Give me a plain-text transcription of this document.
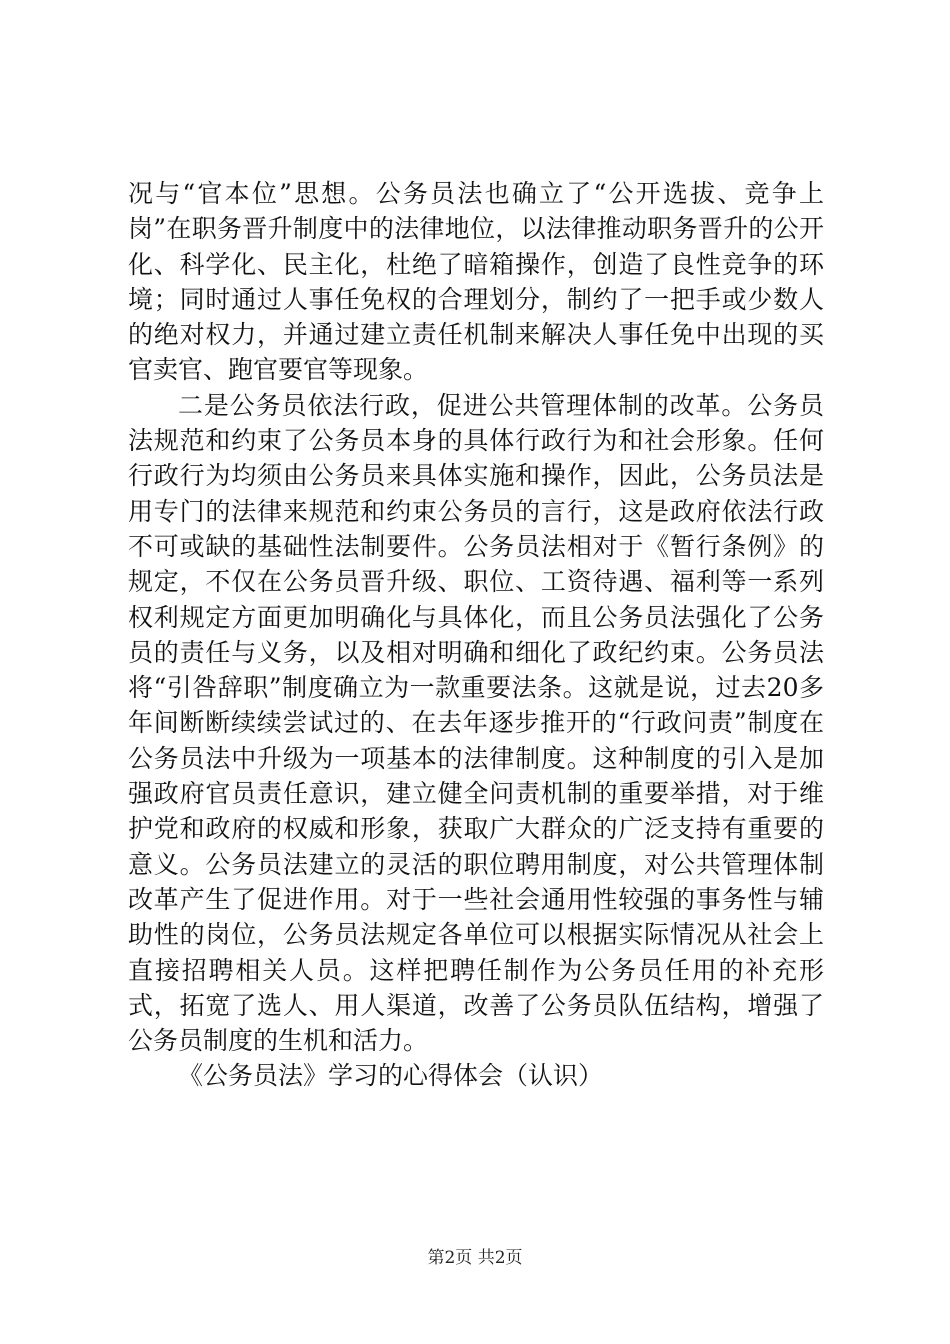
况与“官本位”思想。公务员法也确立了“公开选拔、竞争上岗”在职务晋升制度中的法律地位，以法律推动职务晋升的公开化、科学化、民主化，杜绝了暗箱操作，创造了良性竞争的环境；同时通过人事任免权的合理划分，制约了一把手或少数人的绝对权力，并通过建立责任机制来解决人事任免中出现的买官卖官、跑官要官等现象。

二是公务员依法行政，促进公共管理体制的改革。公务员法规范和约束了公务员本身的具体行政行为和社会形象。任何行政行为均须由公务员来具体实施和操作，因此，公务员法是用专门的法律来规范和约束公务员的言行，这是政府依法行政不可或缺的基础性法制要件。公务员法相对于《暂行条例》的规定，不仅在公务员晋升级、职位、工资待遇、福利等一系列权利规定方面更加明确化与具体化，而且公务员法强化了公务员的责任与义务，以及相对明确和细化了政纪约束。公务员法将“引咎辞职”制度确立为一款重要法条。这就是说，过去20多年间断断续续尝试过的、在去年逐步推开的“行政问责”制度在公务员法中升级为一项基本的法律制度。这种制度的引入是加强政府官员责任意识，建立健全问责机制的重要举措，对于维护党和政府的权威和形象，获取广大群众的广泛支持有重要的意义。公务员法建立的灵活的职位聘用制度，对公共管理体制改革产生了促进作用。对于一些社会通用性较强的事务性与辅助性的岗位，公务员法规定各单位可以根据实际情况从社会上直接招聘相关人员。这样把聘任制作为公务员任用的补充形式，拓宽了选人、用人渠道，改善了公务员队伍结构，增强了公务员制度的生机和活力。

《公务员法》学习的心得体会（认识）

第2页 共2页
